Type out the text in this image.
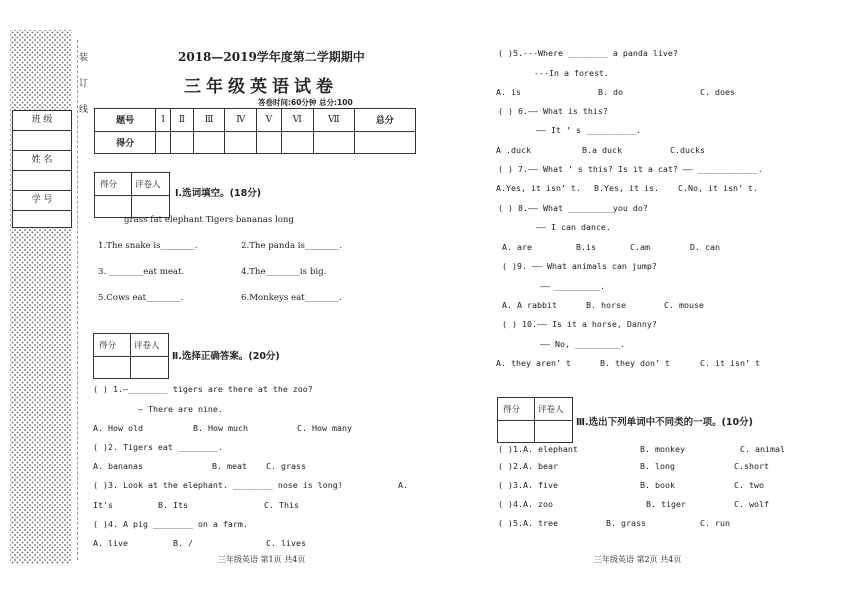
班 级
姓 名
学 号
装
订
线
2018—2019学年度第二学期期中
三年级英语试卷
答卷时间:60分钟 总分:100
题号	Ⅰ	Ⅱ	Ⅲ	Ⅳ	Ⅴ	Ⅵ	Ⅶ	总分
得分								
得分 评卷人
Ⅰ.选词填空。(18分)
grass fat elephant Tigers bananas long
1.The snake is________.	2.The panda is________.
3. ________eat meat.	4.The________is big.
5.Cows eat________.	6.Monkeys eat________.
得分 评卷人
Ⅱ.选择正确答案。(20分)
( ) 1.—________ tigers are there at the zoo?
— There are nine.
A. How old	B. How much	C. How many
( )2. Tigers eat ________.
A. bananas	B. meat C. grass
( )3. Look at the elephant. ________ nose is long!	A.
It's	B. Its	C. This
( )4. A pig ________ on a farm.
A. live	B. /	C. lives
三年级英语 第1页 共4页
( )5.---Where ________ a panda live?
---In a forest.
A. is	B. do	C. does
( ) 6.—— What is this?
—— It ’ s __________.
A .duck	B.a duck	C.ducks
( ) 7.—— What ’ s this? Is it a cat? —— ____________.
A.Yes, it isn’ t. B.Yes, it is. C.No, it isn’ t.
( ) 8.—— What _________you do?
—— I can dance.
A. are	B.is	C.am	D. can
( )9. —— What animals can jump?
—— _________.
A. A rabbit	B. horse	C. mouse
( ) 10.—— Is it a horse, Danny?
—— No, _________.
A. they aren’ t	B. they don’ t	C. it isn’ t
得分 评卷人
Ⅲ.选出下列单词中不同类的一项。(10分)
( )1.A. elephant	B. monkey	C. animal
( )2.A. bear	B. long	C.short
( )3.A. five	B. book	C. two
( )4.A. zoo	B. tiger	C. wolf
( )5.A. tree	B. grass	C. run
三年级英语 第2页 共4页
